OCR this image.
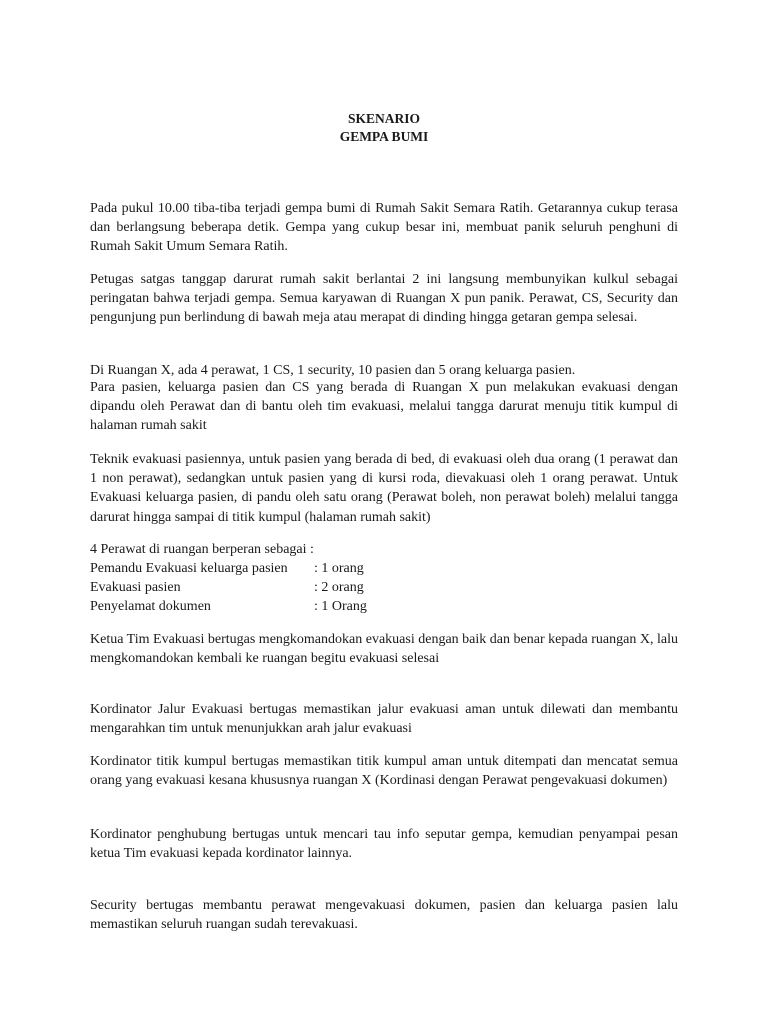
SKENARIO
GEMPA BUMI

Pada pukul 10.00 tiba-tiba terjadi gempa bumi di Rumah Sakit Semara Ratih. Getarannya cukup terasa dan berlangsung beberapa detik. Gempa yang cukup besar ini, membuat panik seluruh penghuni di Rumah Sakit Umum Semara Ratih.

Petugas satgas tanggap darurat rumah sakit berlantai 2 ini langsung membunyikan kulkul sebagai peringatan bahwa terjadi gempa. Semua karyawan di Ruangan X pun panik. Perawat, CS, Security dan pengunjung pun berlindung di bawah meja atau merapat di dinding hingga getaran gempa selesai.

Di Ruangan X, ada 4 perawat, 1 CS, 1 security, 10 pasien dan 5 orang keluarga pasien.

Para pasien, keluarga pasien dan CS yang berada di Ruangan X pun melakukan evakuasi dengan dipandu oleh Perawat dan di bantu oleh tim evakuasi, melalui tangga darurat menuju titik kumpul di halaman rumah sakit

Teknik evakuasi pasiennya, untuk pasien yang berada di bed, di evakuasi oleh dua orang (1 perawat dan 1 non perawat), sedangkan untuk pasien yang di kursi roda, dievakuasi oleh 1 orang perawat. Untuk Evakuasi keluarga pasien, di pandu oleh satu orang (Perawat boleh, non perawat boleh) melalui tangga darurat hingga sampai di titik kumpul (halaman rumah sakit)

4 Perawat di ruangan berperan sebagai :

Pemandu Evakuasi keluarga pasien	: 1 orang
Evakuasi pasien	: 2 orang
Penyelamat dokumen	: 1 Orang

Ketua Tim Evakuasi bertugas mengkomandokan evakuasi dengan baik dan benar kepada ruangan X, lalu mengkomandokan kembali ke ruangan begitu evakuasi selesai

Kordinator Jalur Evakuasi bertugas memastikan jalur evakuasi aman untuk dilewati dan membantu mengarahkan tim untuk menunjukkan arah jalur evakuasi

Kordinator titik kumpul bertugas memastikan titik kumpul aman untuk ditempati dan mencatat semua orang yang evakuasi kesana khususnya ruangan X (Kordinasi dengan Perawat pengevakuasi dokumen)

Kordinator penghubung bertugas untuk mencari tau info seputar gempa, kemudian penyampai pesan ketua Tim evakuasi kepada kordinator lainnya.

Security bertugas membantu perawat mengevakuasi dokumen, pasien dan keluarga pasien lalu memastikan seluruh ruangan sudah terevakuasi.
